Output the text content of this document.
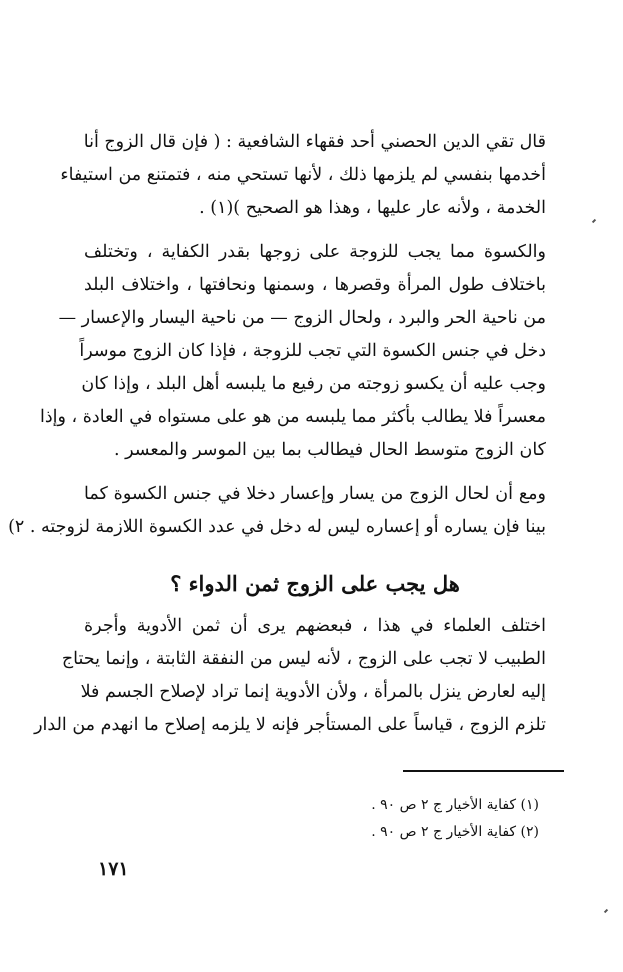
قال تقي الدين الحصني أحد فقهاء الشافعية : ( فإن قال الزوج أنا

أخدمها بنفسي لم يلزمها ذلك ، لأنها تستحي منه ، فتمتنع من استيفاء

الخدمة ، ولأنه عار عليها ، وهذا هو الصحيح )(١) .

والكسوة مما يجب للزوجة على زوجها بقدر الكفاية ، وتختلف

باختلاف طول المرأة وقصرها ، وسمنها ونحافتها ، واختلاف البلد

من ناحية الحر والبرد ، ولحال الزوج — من ناحية اليسار والإعسار —

دخل في جنس الكسوة التي تجب للزوجة ، فإذا كان الزوج موسراً

وجب عليه أن يكسو زوجته من رفيع ما يلبسه أهل البلد ، وإذا كان

معسراً فلا يطالب بأكثر مما يلبسه من هو على مستواه في العادة ، وإذا

كان الزوج متوسط الحال فيطالب بما بين الموسر والمعسر .

ومع أن لحال الزوج من يسار وإعسار دخلا في جنس الكسوة كما

بينا فإن يساره أو إعساره ليس له دخل في عدد الكسوة اللازمة لزوجته . ٢)

هل يجب على الزوج ثمن الدواء ؟

اختلف العلماء في هذا ، فبعضهم يرى أن ثمن الأدوية وأجرة

الطبيب لا تجب على الزوج ، لأنه ليس من النفقة الثابتة ، وإنما يحتاج

إليه لعارض ينزل بالمرأة ، ولأن الأدوية إنما تراد لإصلاح الجسم فلا

تلزم الزوج ، قياساً على المستأجر فإنه لا يلزمه إصلاح ما انهدم من الدار

(١) كفاية الأخيار ج ٢ ص ٩٠ .

(٢) كفاية الأخيار ج ٢ ص ٩٠ .

١٧١
